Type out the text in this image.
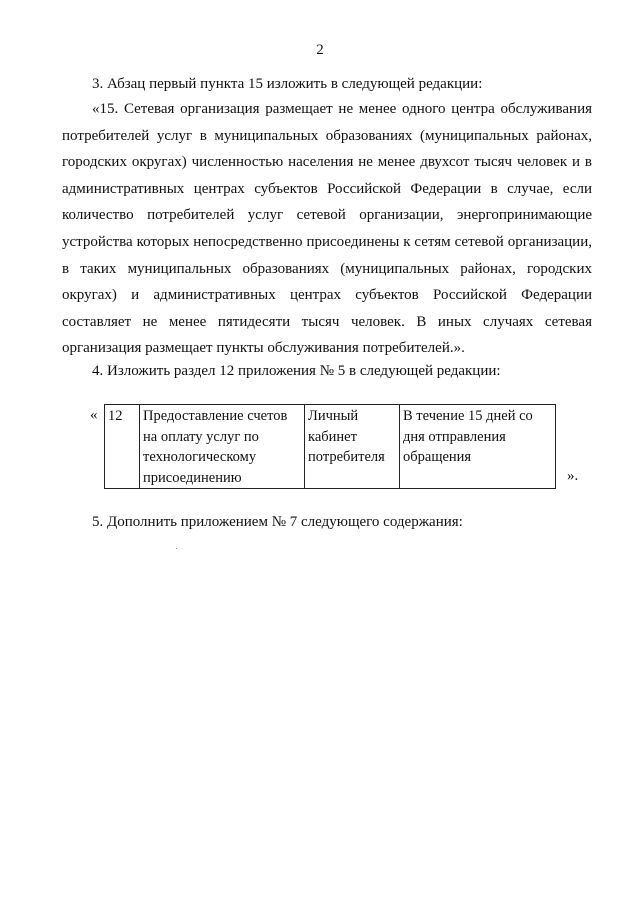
2

3. Абзац первый пункта 15 изложить в следующей редакции:

«15. Сетевая организация размещает не менее одного центра обслуживания потребителей услуг в муниципальных образованиях (муниципальных районах, городских округах) численностью населения не менее двухсот тысяч человек и в административных центрах субъектов Российской Федерации в случае, если количество потребителей услуг сетевой организации, энергопринимающие устройства которых непосредственно присоединены к сетям сетевой организации, в таких муниципальных образованиях (муниципальных районах, городских округах) и административных центрах субъектов Российской Федерации составляет не менее пятидесяти тысяч человек. В иных случаях сетевая организация размещает пункты обслуживания потребителей.».

4. Изложить раздел 12 приложения № 5 в следующей редакции:

« 12	Предоставление счетов на оплату услуг по технологическому присоединению	Личный кабинет потребителя	В течение 15 дней со дня отправления обращения
».

5. Дополнить приложением № 7 следующего содержания:
